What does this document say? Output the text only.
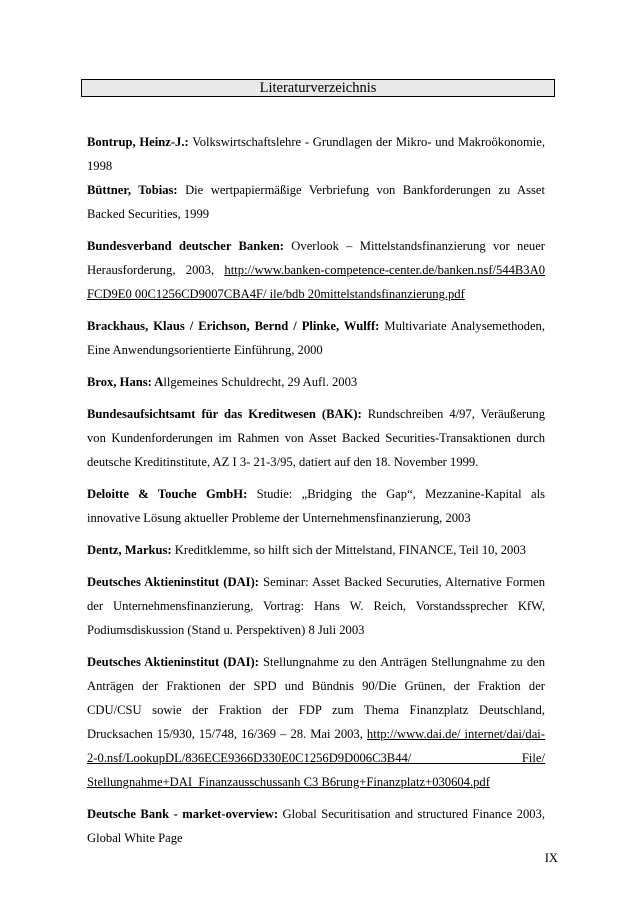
Literaturverzeichnis

Bontrup, Heinz-J.: Volkswirtschaftslehre - Grundlagen der Mikro- und Makroökonomie, 1998

Büttner, Tobias: Die wertpapiermäßige Verbriefung von Bankforderungen zu Asset Backed Securities, 1999

Bundesverband deutscher Banken: Overlook – Mittelstandsfinanzierung vor neuer Herausforderung, 2003, http://www.banken-competence-center.de/banken.nsf/544B3A0 FCD9E0 00C1256CD9007CBA4F/ ile/bdb 20mittelstandsfinanzierung.pdf

Brackhaus, Klaus / Erichson, Bernd / Plinke, Wulff: Multivariate Analysemethoden, Eine Anwendungsorientierte Einführung, 2000

Brox, Hans: Allgemeines Schuldrecht, 29 Aufl. 2003

Bundesaufsichtsamt für das Kreditwesen (BAK): Rundschreiben 4/97, Veräußerung von Kundenforderungen im Rahmen von Asset Backed Securities-Transaktionen durch deutsche Kreditinstitute, AZ I 3- 21-3/95, datiert auf den 18. November 1999.

Deloitte & Touche GmbH: Studie: „Bridging the Gap“, Mezzanine-Kapital als innovative Lösung aktueller Probleme der Unternehmensfinanzierung, 2003

Dentz, Markus: Kreditklemme, so hilft sich der Mittelstand, FINANCE, Teil 10, 2003

Deutsches Aktieninstitut (DAI): Seminar: Asset Backed Securuties, Alternative Formen der Unternehmensfinanzierung, Vortrag: Hans W. Reich, Vorstandssprecher KfW, Podiumsdiskussion (Stand u. Perspektiven) 8 Juli 2003

Deutsches Aktieninstitut (DAI): Stellungnahme zu den Anträgen Stellungnahme zu den Anträgen der Fraktionen der SPD und Bündnis 90/Die Grünen, der Fraktion der CDU/CSU sowie der Fraktion der FDP zum Thema Finanzplatz Deutschland, Drucksachen 15/930, 15/748, 16/369 – 28. Mai 2003, http://www.dai.de/ internet/dai/dai-2-0.nsf/LookupDL/836ECE9366D330E0C1256D9D006C3B44/ File/ Stellungnahme+DAI_Finanzausschussanh C3 B6rung+Finanzplatz+030604.pdf

Deutsche Bank - market-overview: Global Securitisation and structured Finance 2003, Global White Page

IX
